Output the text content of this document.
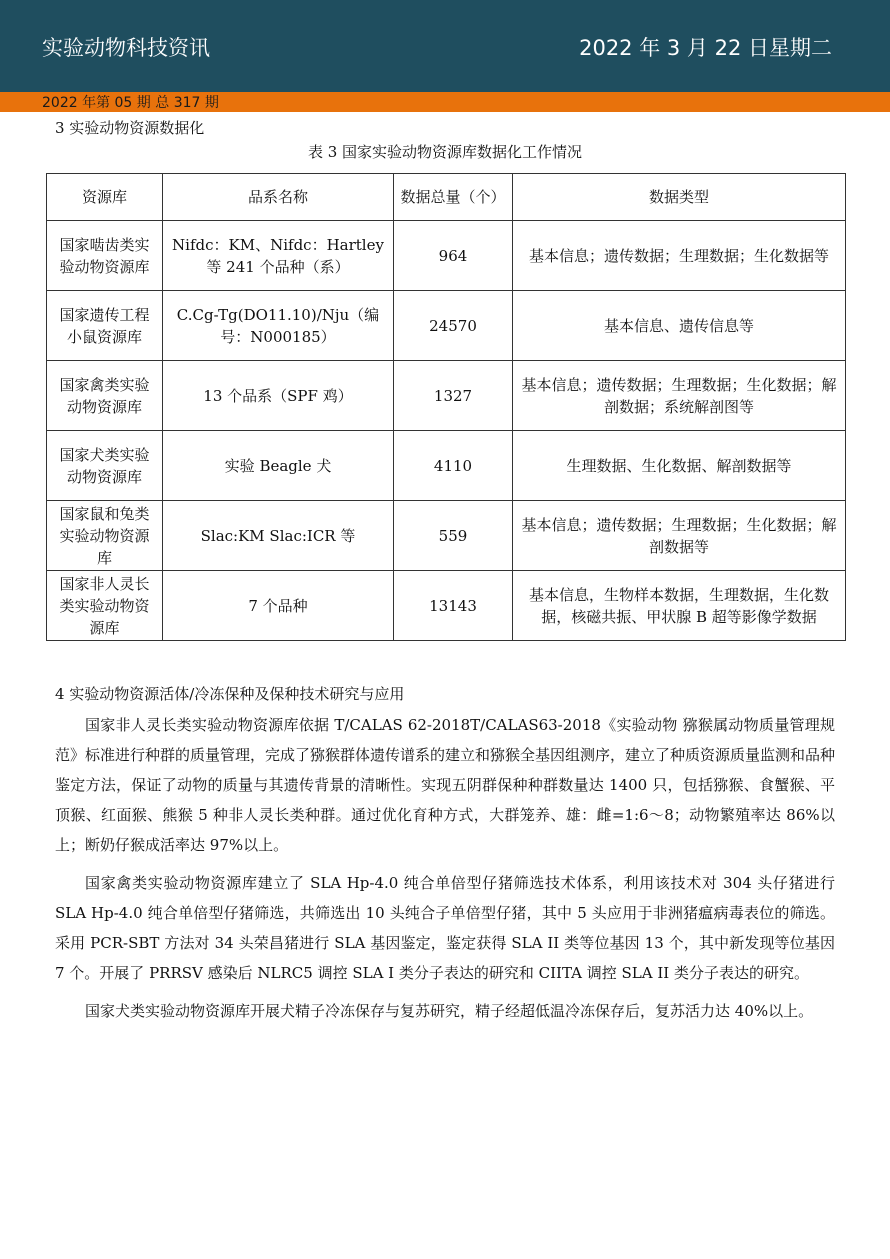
实验动物科技资讯	2022 年 3 月 22 日星期二
2022 年第 05 期 总 317 期
3 实验动物资源数据化
表 3 国家实验动物资源库数据化工作情况
资源库	品系名称	数据总量（个）	数据类型
国家啮齿类实验动物资源库	Nifdc：KM、Nifdc：Hartley 等 241 个品种（系）	964	基本信息；遗传数据；生理数据；生化数据等
国家遗传工程小鼠资源库	C.Cg-Tg(DO11.10)/Nju（编号：N000185）	24570	基本信息、遗传信息等
国家禽类实验动物资源库	13 个品系（SPF 鸡）	1327	基本信息；遗传数据；生理数据；生化数据；解剖数据；系统解剖图等
国家犬类实验动物资源库	实验 Beagle 犬	4110	生理数据、生化数据、解剖数据等
国家鼠和兔类实验动物资源库	Slac:KM Slac:ICR 等	559	基本信息；遗传数据；生理数据；生化数据；解剖数据等
国家非人灵长类实验动物资源库	7 个品种	13143	基本信息，生物样本数据，生理数据，生化数据，核磁共振、甲状腺 B 超等影像学数据
4 实验动物资源活体/冷冻保种及保种技术研究与应用

国家非人灵长类实验动物资源库依据 T/CALAS 62-2018T/CALAS63-2018《实验动物 猕猴属动物质量管理规范》标准进行种群的质量管理，完成了猕猴群体遗传谱系的建立和猕猴全基因组测序，建立了种质资源质量监测和品种鉴定方法，保证了动物的质量与其遗传背景的清晰性。实现五阴群保种种群数量达 1400 只，包括猕猴、食蟹猴、平顶猴、红面猴、熊猴 5 种非人灵长类种群。通过优化育种方式，大群笼养、雄：雌=1:6～8；动物繁殖率达 86%以上；断奶仔猴成活率达 97%以上。

国家禽类实验动物资源库建立了 SLA Hp-4.0 纯合单倍型仔猪筛选技术体系，利用该技术对 304 头仔猪进行 SLA Hp-4.0 纯合单倍型仔猪筛选，共筛选出 10 头纯合子单倍型仔猪，其中 5 头应用于非洲猪瘟病毒表位的筛选。采用 PCR-SBT 方法对 34 头荣昌猪进行 SLA 基因鉴定，鉴定获得 SLA II 类等位基因 13 个，其中新发现等位基因 7 个。开展了 PRRSV 感染后 NLRC5 调控 SLA I 类分子表达的研究和 CIITA 调控 SLA II 类分子表达的研究。

国家犬类实验动物资源库开展犬精子冷冻保存与复苏研究，精子经超低温冷冻保存后，复苏活力达 40%以上。
